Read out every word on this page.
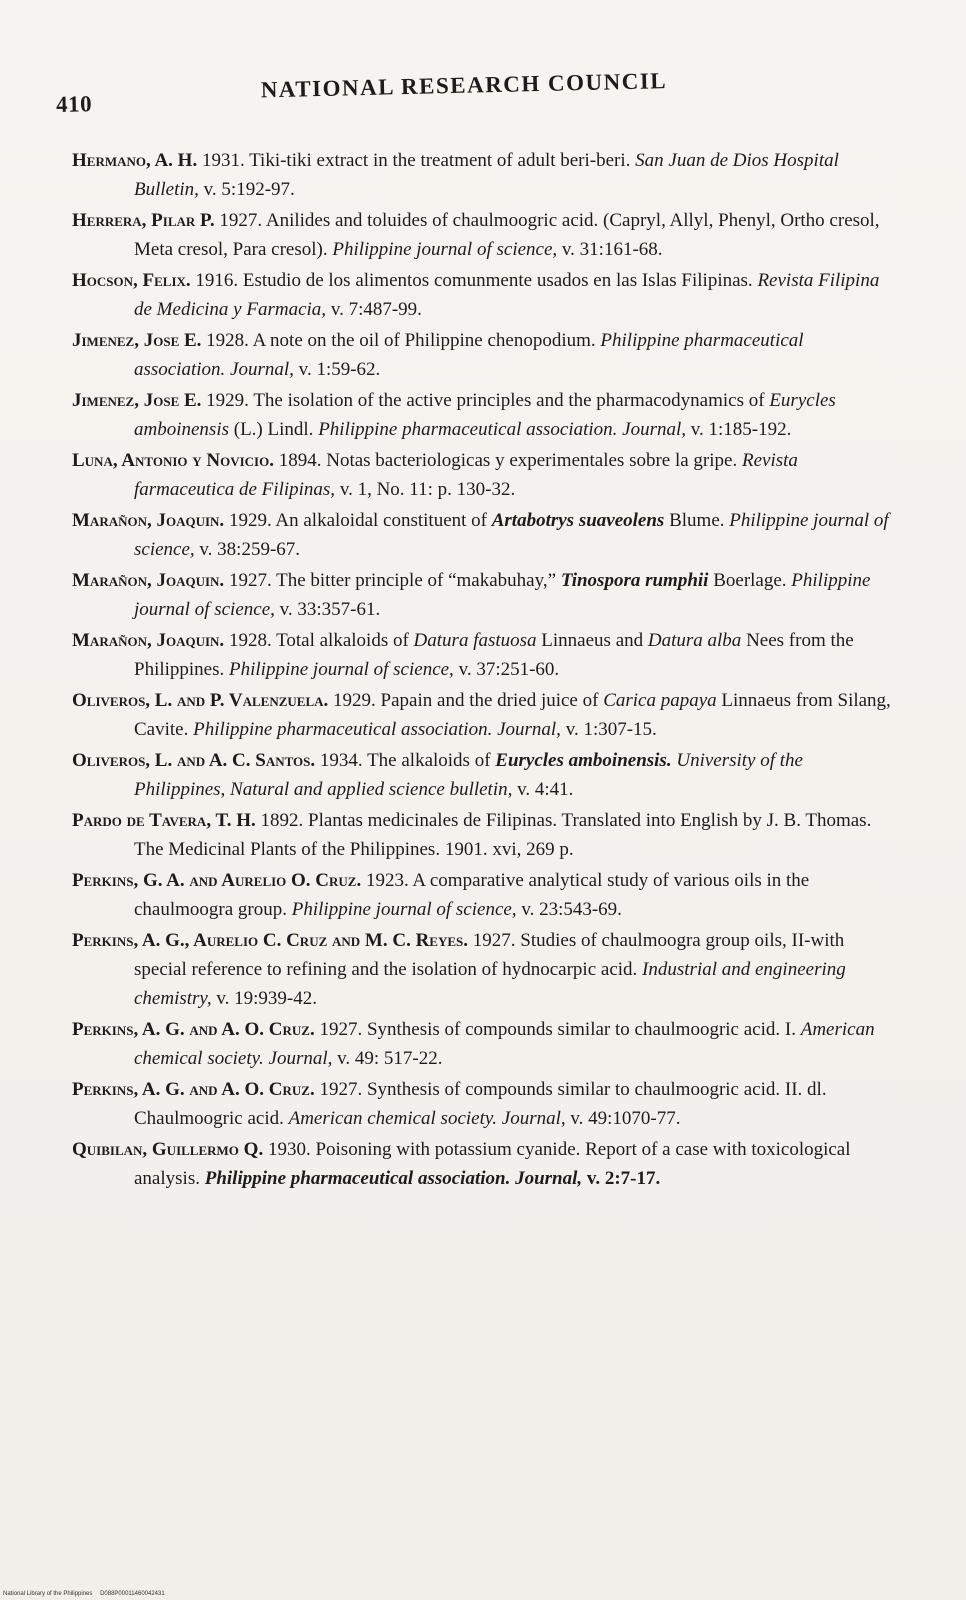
410
NATIONAL RESEARCH COUNCIL
Hermano, A. H. 1931. Tiki-tiki extract in the treatment of adult beri-beri. San Juan de Dios Hospital Bulletin, v. 5:192-97.
Herrera, Pilar P. 1927. Anilides and toluides of chaulmoogric acid. (Capryl, Allyl, Phenyl, Ortho cresol, Meta cresol, Para cresol). Philippine journal of science, v. 31:161-68.
Hocson, Felix. 1916. Estudio de los alimentos comunmente usados en las Islas Filipinas. Revista Filipina de Medicina y Farmacia, v. 7:487-99.
Jimenez, Jose E. 1928. A note on the oil of Philippine chenopodium. Philippine pharmaceutical association. Journal, v. 1:59-62.
Jimenez, Jose E. 1929. The isolation of the active principles and the pharmacodynamics of Eurycles amboinensis (L.) Lindl. Philippine pharmaceutical association. Journal, v. 1:185-192.
Luna, Antonio y Novicio. 1894. Notas bacteriologicas y experimentales sobre la gripe. Revista farmaceutica de Filipinas, v. 1, No. 11: p. 130-32.
Marañon, Joaquin. 1929. An alkaloidal constituent of Artabotrys suaveolens Blume. Philippine journal of science, v. 38:259-67.
Marañon, Joaquin. 1927. The bitter principle of “makabuhay,” Tinospora rumphii Boerlage. Philippine journal of science, v. 33:357-61.
Marañon, Joaquin. 1928. Total alkaloids of Datura fastuosa Linnaeus and Datura alba Nees from the Philippines. Philippine journal of science, v. 37:251-60.
Oliveros, L. and P. Valenzuela. 1929. Papain and the dried juice of Carica papaya Linnaeus from Silang, Cavite. Philippine pharmaceutical association. Journal, v. 1:307-15.
Oliveros, L. and A. C. Santos. 1934. The alkaloids of Eurycles amboinensis. University of the Philippines, Natural and applied science bulletin, v. 4:41.
Pardo de Tavera, T. H. 1892. Plantas medicinales de Filipinas. Translated into English by J. B. Thomas. The Medicinal Plants of the Philippines. 1901. xvi, 269 p.
Perkins, G. A. and Aurelio O. Cruz. 1923. A comparative analytical study of various oils in the chaulmoogra group. Philippine journal of science, v. 23:543-69.
Perkins, A. G., Aurelio C. Cruz and M. C. Reyes. 1927. Studies of chaulmoogra group oils, II-with special reference to refining and the isolation of hydnocarpic acid. Industrial and engineering chemistry, v. 19:939-42.
Perkins, A. G. and A. O. Cruz. 1927. Synthesis of compounds similar to chaulmoogric acid. I. American chemical society. Journal, v. 49: 517-22.
Perkins, A. G. and A. O. Cruz. 1927. Synthesis of compounds similar to chaulmoogric acid. II. dl. Chaulmoogric acid. American chemical society. Journal, v. 49:1070-77.
Quibilan, Guillermo Q. 1930. Poisoning with potassium cyanide. Report of a case with toxicological analysis. Philippine pharmaceutical association. Journal, v. 2:7-17.
National Library of the Philippines D088P00011460042431
